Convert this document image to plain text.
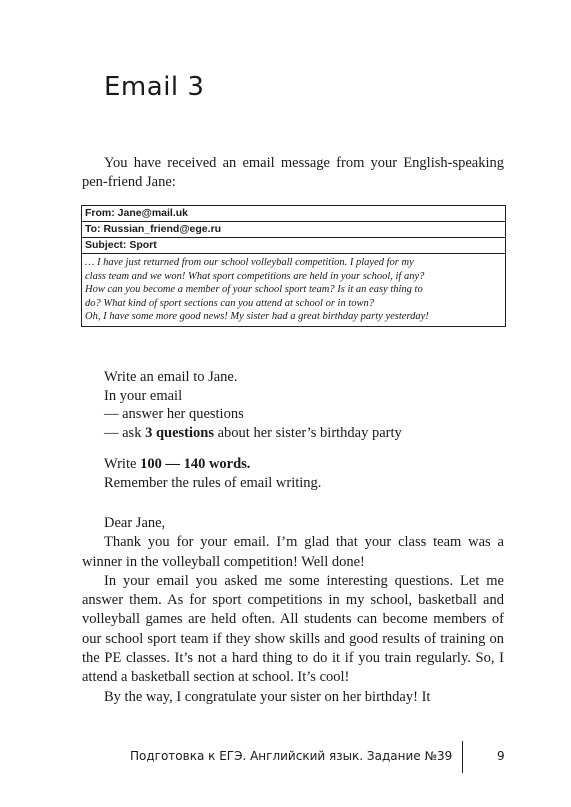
Email 3

You have received an email message from your English-speaking pen-friend Jane:

From: Jane@mail.uk
To: Russian_friend@ege.ru
Subject: Sport
… I have just returned from our school volleyball competition. I played for my
class team and we won! What sport competitions are held in your school, if any?
How can you become a member of your school sport team? Is it an easy thing to
do? What kind of sport sections can you attend at school or in town?
Oh, I have some more good news! My sister had a great birthday party yesterday!
Write an email to Jane.
In your email
— answer her questions
— ask 3 questions about her sister’s birthday party
Write 100 — 140 words.
Remember the rules of email writing.
Dear Jane,

Thank you for your email. I’m glad that your class team was a winner in the volleyball competition! Well done!

In your email you asked me some interesting questions. Let me answer them. As for sport competitions in my school, basketball and volleyball games are held often. All students can become members of our school sport team if they show skills and good results of training on the PE classes. It’s not a hard thing to do it if you train regularly. So, I attend a basketball section at school. It’s cool!

By the way, I congratulate your sister on her birthday! It

Подготовка к ЕГЭ. Английский язык. Задание №39	9
